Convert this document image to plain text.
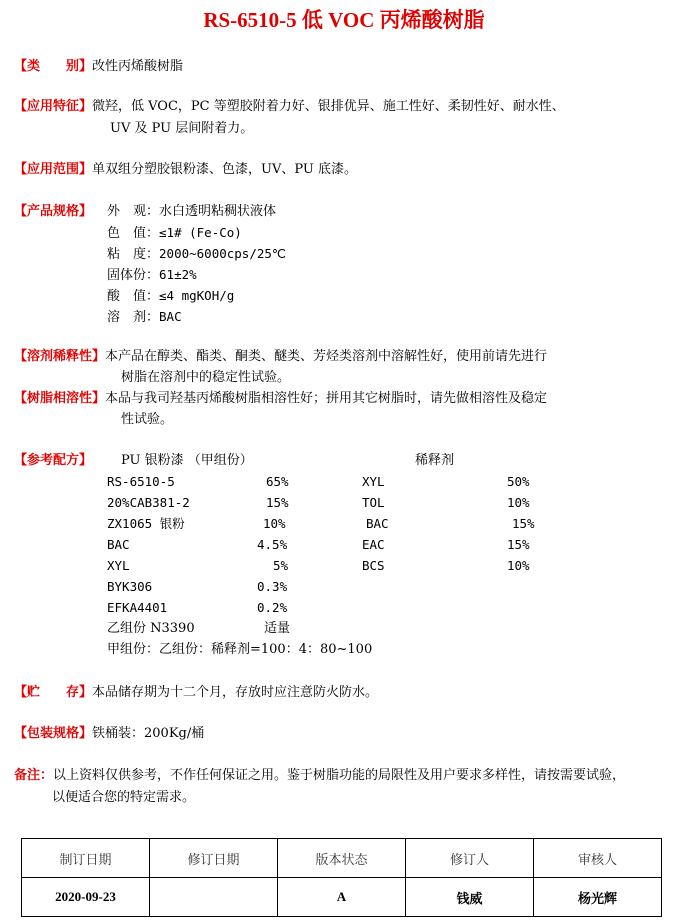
RS-6510-5 低 VOC 丙烯酸树脂
【类　　别】改性丙烯酸树脂
【应用特征】微羟，低 VOC，PC 等塑胶附着力好、银排优异、施工性好、柔韧性好、耐水性、
UV 及 PU 层间附着力。
【应用范围】单双组分塑胶银粉漆、色漆，UV、PU 底漆。
【产品规格】 外　观：水白透明粘稠状液体
色　值：≤1# (Fe-Co)
粘　度：2000~6000cps/25℃
固体份：61±2%
酸　值：≤4 mgKOH/g
溶　剂：BAC
【溶剂稀释性】本产品在醇类、酯类、酮类、醚类、芳烃类溶剂中溶解性好，使用前请先进行
树脂在溶剂中的稳定性试验。
【树脂相溶性】本品与我司羟基丙烯酸树脂相溶性好；拼用其它树脂时，请先做相溶性及稳定
性试验。
【参考配方】 PU 银粉漆 （甲组份）	稀释剂
RS-6510-5	65%
20%CAB381-2	15%
ZX1065 银粉	10%
BAC	4.5%
XYL	5%
BYK306	0.3%
EFKA4401	0.2%
乙组份 N3390	适量
XYL	50%
TOL	10%
BAC	15%
EAC	15%
BCS	10%
甲组份：乙组份：稀释剂=100：4：80~100
【贮　　存】本品储存期为十二个月，存放时应注意防火防水。
【包装规格】铁桶装：200Kg/桶
备注：以上资料仅供参考，不作任何保证之用。鉴于树脂功能的局限性及用户要求多样性，请按需要试验，
以便适合您的特定需求。
制订日期	修订日期	版本状态	修订人	审核人
2020-09-23		A	钱威	杨光辉
